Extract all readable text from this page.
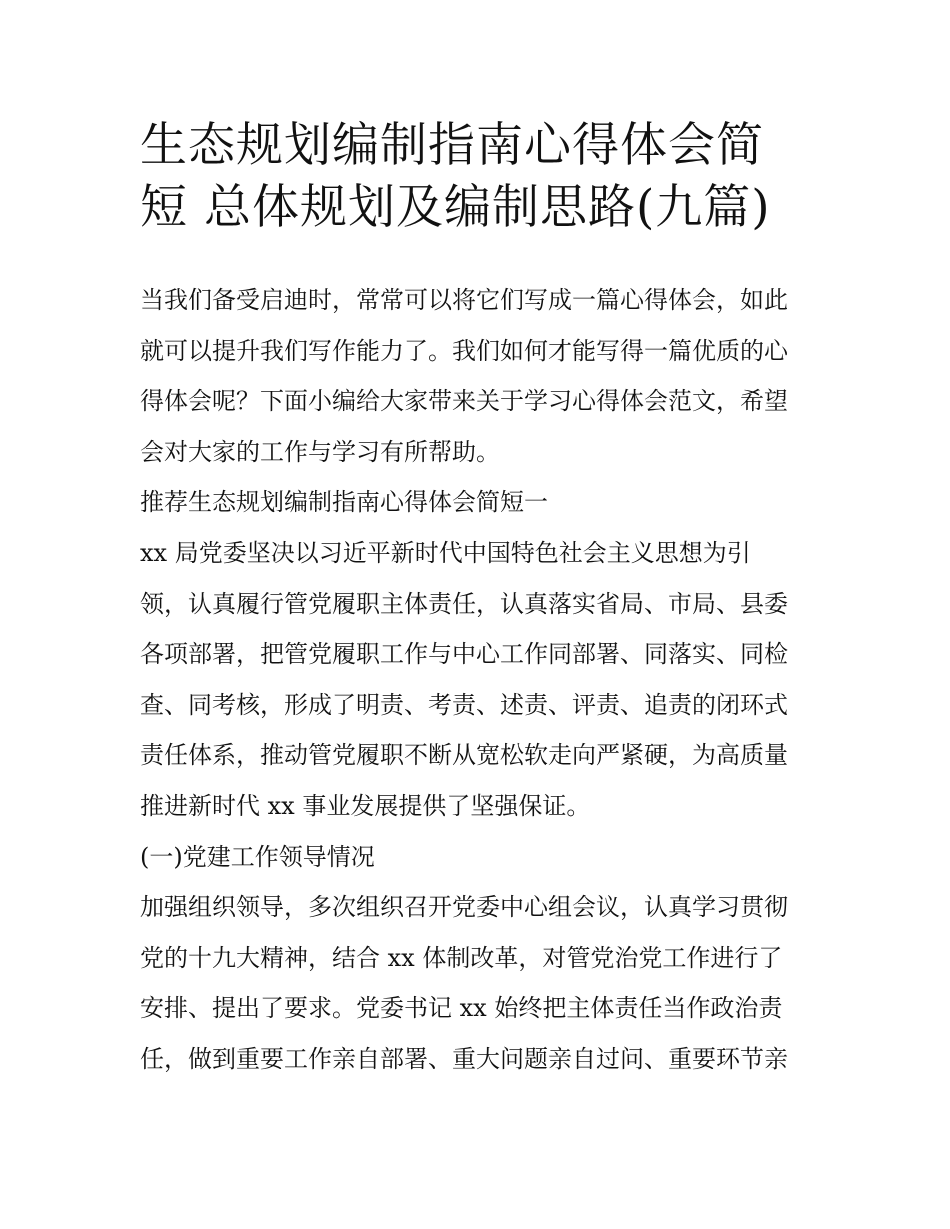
生态规划编制指南心得体会简
短 总体规划及编制思路(九篇)
当我们备受启迪时，常常可以将它们写成一篇心得体会，如此
就可以提升我们写作能力了。我们如何才能写得一篇优质的心
得体会呢？下面小编给大家带来关于学习心得体会范文，希望
会对大家的工作与学习有所帮助。
推荐生态规划编制指南心得体会简短一
xx 局党委坚决以习近平新时代中国特色社会主义思想为引
领，认真履行管党履职主体责任，认真落实省局、市局、县委
各项部署，把管党履职工作与中心工作同部署、同落实、同检
查、同考核，形成了明责、考责、述责、评责、追责的闭环式
责任体系，推动管党履职不断从宽松软走向严紧硬，为高质量
推进新时代 xx 事业发展提供了坚强保证。
(一)党建工作领导情况
加强组织领导，多次组织召开党委中心组会议，认真学习贯彻
党的十九大精神，结合 xx 体制改革，对管党治党工作进行了
安排、提出了要求。党委书记 xx 始终把主体责任当作政治责
任，做到重要工作亲自部署、重大问题亲自过问、重要环节亲
